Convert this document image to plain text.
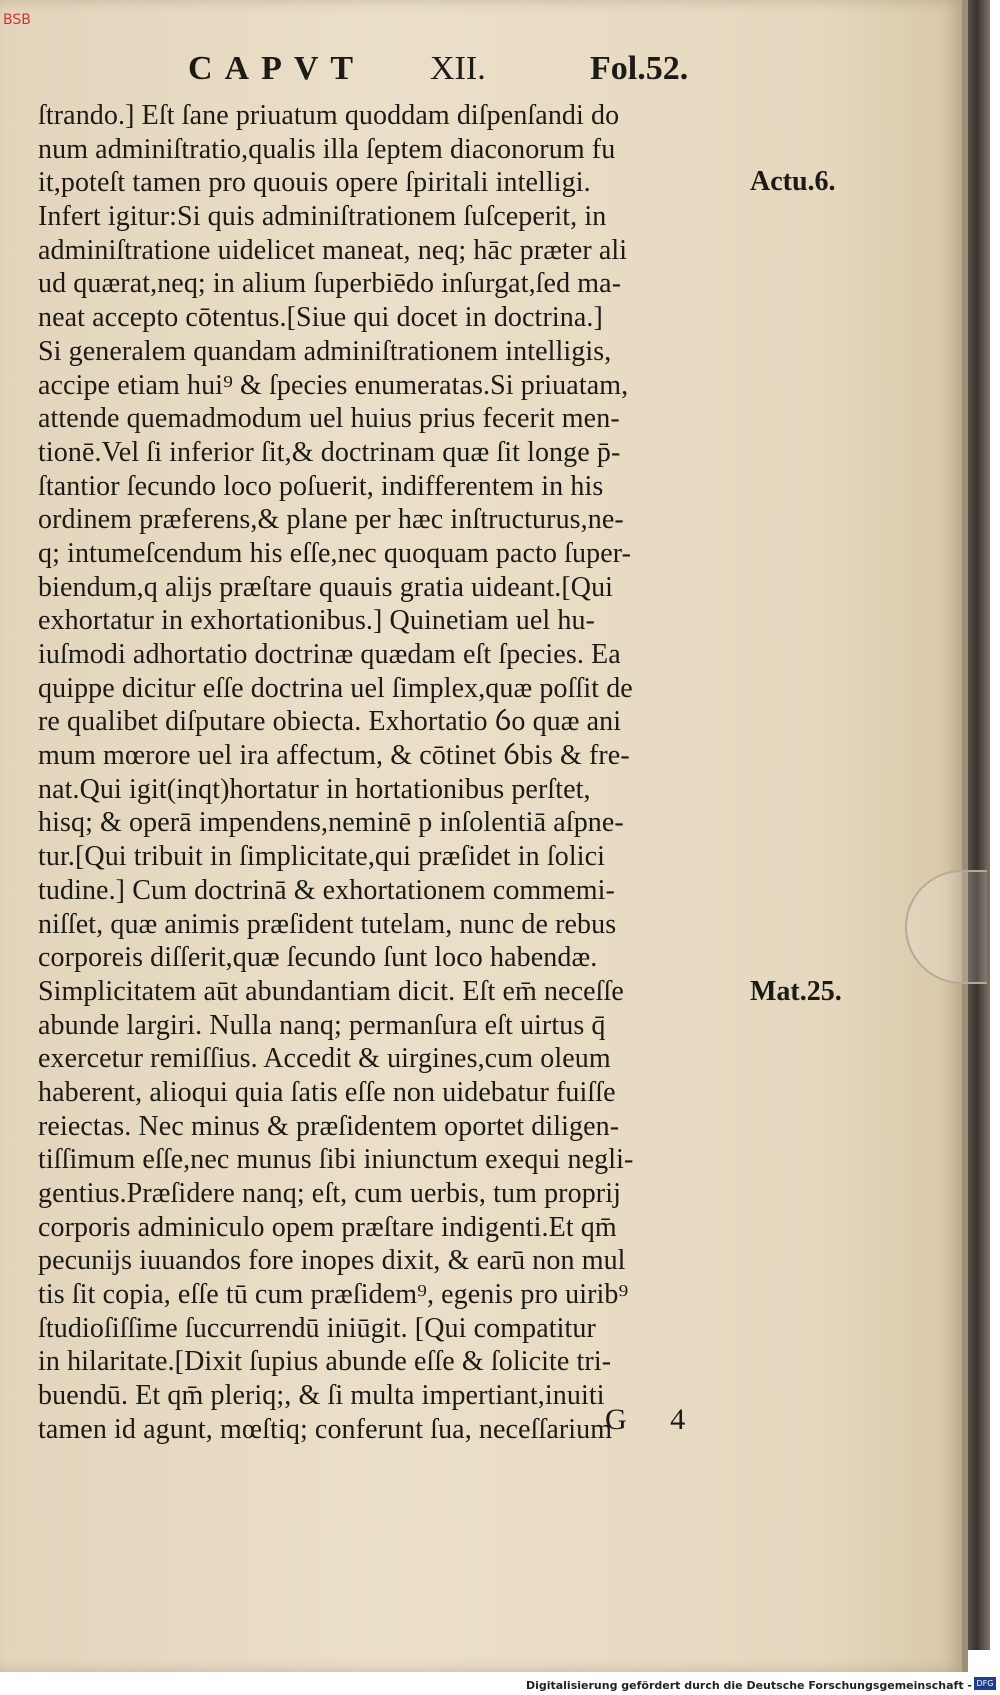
BSB
CAPVT XII.	Fol.52.
ſtrando.] Eſt ſane priuatum quoddam diſpenſandi do
num adminiſtratio,qualis illa ſeptem diaconorum fu
it,poteſt tamen pro quouis opere ſpiritali intelligi.
Infert igitur:Si quis adminiſtrationem ſuſceperit, in
adminiſtratione uidelicet maneat, neq; hāc præter ali
ud quærat,neq; in alium ſuperbiēdo inſurgat,ſed ma-
neat accepto cōtentus.[Siue qui docet in doctrina.]
Si generalem quandam adminiſtrationem intelligis,
accipe etiam hui⁹ & ſpecies enumeratas.Si priuatam,
attende quemadmodum uel huius prius fecerit men-
tionē.Vel ſi inferior ſit,& doctrinam quæ ſit longe p̄-
ſtantior ſecundo loco poſuerit, indifferentem in his
ordinem præferens,& plane per hæc inſtructurus,ne-
q; intumeſcendum his eſſe,nec quoquam pacto ſuper-
biendum,q alijs præſtare quauis gratia uideant.[Qui
exhortatur in exhortationibus.] Quinetiam uel hu-
iuſmodi adhortatio doctrinæ quædam eſt ſpecies. Ea
quippe dicitur eſſe doctrina uel ſimplex,quæ poſſit de
re qualibet diſputare obiecta. Exhortatio ỽo quæ ani
mum mœrore uel ira affectum, & cōtinet ỽbis & fre-
nat.Qui igit(inqt)hortatur in hortationibus perſtet,
hisq; & operā impendens,neminē p inſolentiā aſpne-
tur.[Qui tribuit in ſimplicitate,qui præſidet in ſolici
tudine.] Cum doctrinā & exhortationem commemi-
niſſet, quæ animis præſident tutelam, nunc de rebus
corporeis diſſerit,quæ ſecundo ſunt loco habendæ.
Simplicitatem aūt abundantiam dicit. Eſt em̄ neceſſe
abunde largiri. Nulla nanq; permanſura eſt uirtus q̄
exercetur remiſſius. Accedit & uirgines,cum oleum
haberent, alioqui quia ſatis eſſe non uidebatur fuiſſe
reiectas. Nec minus & præſidentem oportet diligen-
tiſſimum eſſe,nec munus ſibi iniunctum exequi negli-
gentius.Præſidere nanq; eſt, cum uerbis, tum proprij
corporis adminiculo opem præſtare indigenti.Et qm̄
pecunijs iuuandos fore inopes dixit, & earū non mul
tis ſit copia, eſſe tū cum præſidem⁹, egenis pro uirib⁹
ſtudioſiſſime ſuccurrendū iniūgit. [Qui compatitur
in hilaritate.[Dixit ſupius abunde eſſe & ſolicite tri-
buendū. Et qm̄ pleriq;, & ſi multa impertiant,inuiti
tamen id agunt, mœſtiq; conferunt ſua, neceſſarium
Actu.6.
Mat.25.
G 4
Digitalisierung gefördert durch die Deutsche Forschungsgemeinschaft - DFG
